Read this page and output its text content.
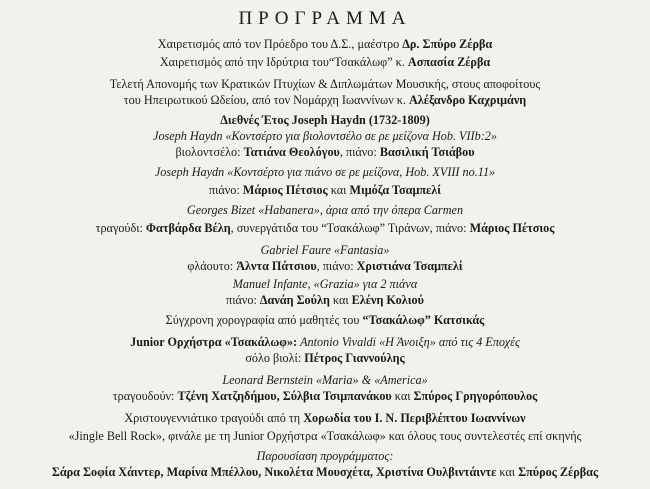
ΠΡΟΓΡΑΜΜΑ
Χαιρετισμός από τον Πρόεδρο του Δ.Σ., μαέστρο Δρ. Σπύρο Ζέρβα
Χαιρετισμός από την Ιδρύτρια του“Τσακάλωφ” κ. Ασπασία Ζέρβα
Τελετή Απονομής των Κρατικών Πτυχίων & Διπλωμάτων Μουσικής, στους αποφοίτους
του Ηπειρωτικού Ωδείου, από τον Νομάρχη Ιωαννίνων κ. Αλέξανδρο Καχριμάνη
Διεθνές Έτος Joseph Haydn (1732-1809)
Joseph Haydn «Κοντσέρτο για βιολοντσέλο σε ρε μείζονα Hob. VIIb:2»
βιολοντσέλο: Τατιάνα Θεολόγου, πιάνο: Βασιλική Τσιάβου
Joseph Haydn «Κοντσέρτο για πιάνο σε ρε μείζονα, Hob. XVIII no.11»
πιάνο: Μάριος Πέτσιος και Μιμόζα Τσαμπελί
Georges Bizet «Habanera», άρια από την όπερα Carmen
τραγούδι: Φατβάρδα Βέλη, συνεργάτιδα του “Τσακάλωφ” Τιράνων, πιάνο: Μάριος Πέτσιος
Gabriel Faure «Fantasia»
φλάουτο: Άλντα Πάτσιου, πιάνο: Χριστιάνα Τσαμπελί
Manuel Infante, «Grazia» για 2 πιάνα
πιάνο: Δανάη Σούλη και Ελένη Κολιού
Σύγχρονη χορογραφία από μαθητές του “Τσακάλωφ” Κατσικάς
Junior Ορχήστρα «Τσακάλωφ»: Antonio Vivaldi «Η Άνοιξη» από τις 4 Εποχές
σόλο βιολί: Πέτρος Γιαννούλης
Leonard Bernstein «Maria» & «America»
τραγουδούν: Τζένη Χατζηδήμου, Σύλβια Τσιμπανάκου και Σπύρος Γρηγορόπουλος
Χριστουγεννιάτικο τραγούδι από τη Χορωδία του Ι. Ν. Περιβλέπτου Ιωαννίνων
«Jingle Bell Rock», φινάλε με τη Junior Ορχήστρα «Τσακάλωφ» και όλους τους συντελεστές επί σκηνής
Παρουσίαση προγράμματος:
Σάρα Σοφία Χάιντερ, Μαρίνα Μπέλλου, Νικολέτα Μουσχέτα, Χριστίνα Ουλβιντάιντε και Σπύρος Ζέρβας
